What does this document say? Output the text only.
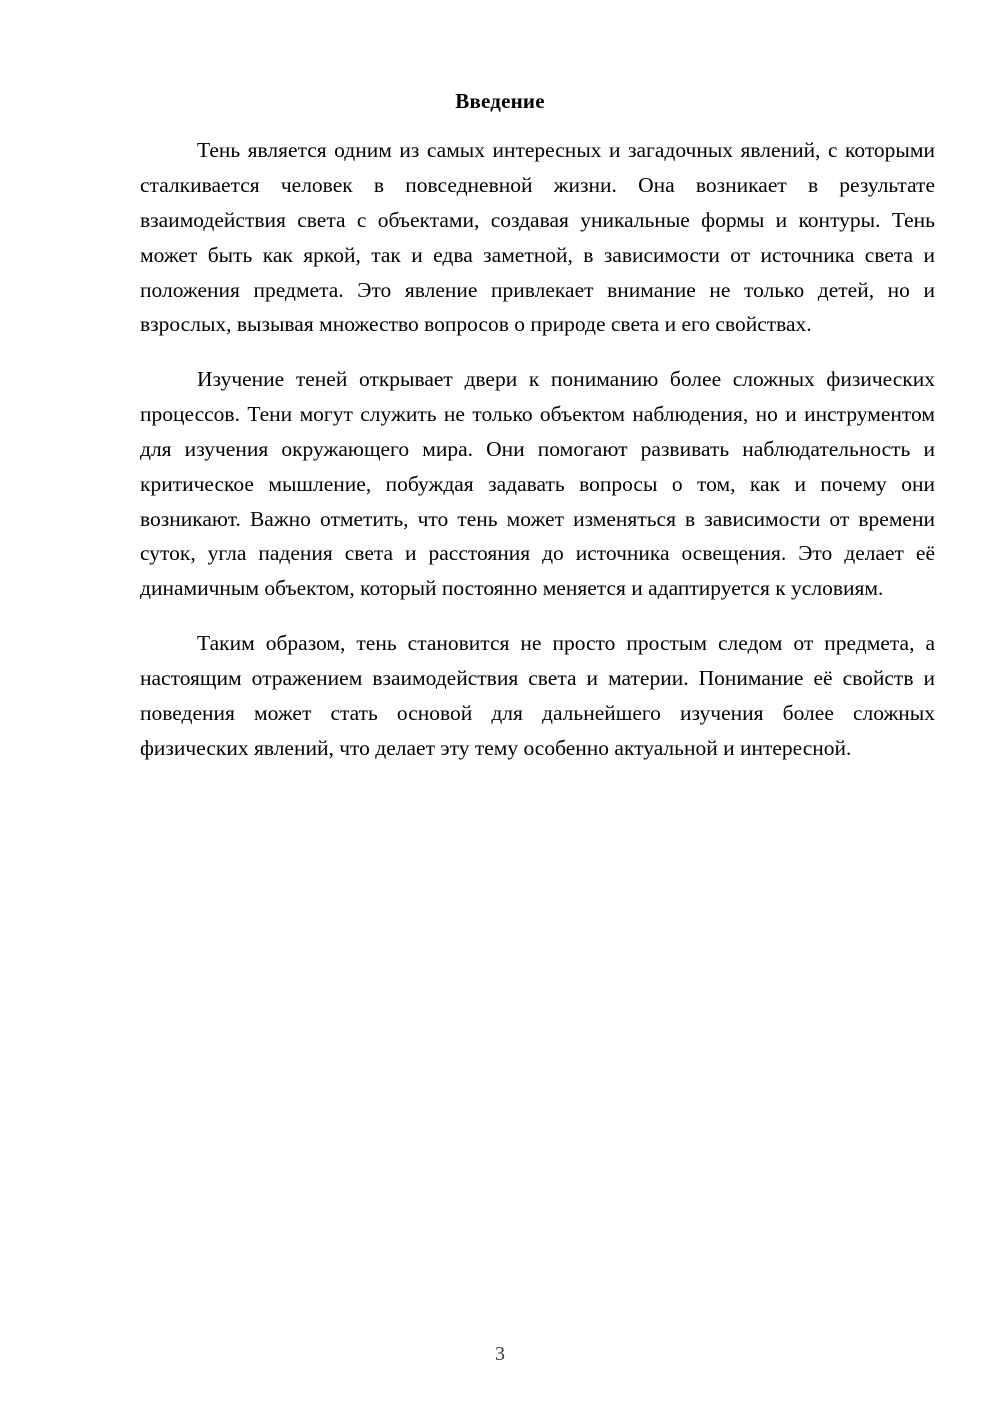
Введение

Тень является одним из самых интересных и загадочных явлений, с которыми сталкивается человек в повседневной жизни. Она возникает в результате взаимодействия света с объектами, создавая уникальные формы и контуры. Тень может быть как яркой, так и едва заметной, в зависимости от источника света и положения предмета. Это явление привлекает внимание не только детей, но и взрослых, вызывая множество вопросов о природе света и его свойствах.

Изучение теней открывает двери к пониманию более сложных физических процессов. Тени могут служить не только объектом наблюдения, но и инструментом для изучения окружающего мира. Они помогают развивать наблюдательность и критическое мышление, побуждая задавать вопросы о том, как и почему они возникают. Важно отметить, что тень может изменяться в зависимости от времени суток, угла падения света и расстояния до источника освещения. Это делает её динамичным объектом, который постоянно меняется и адаптируется к условиям.

Таким образом, тень становится не просто простым следом от предмета, а настоящим отражением взаимодействия света и материи. Понимание её свойств и поведения может стать основой для дальнейшего изучения более сложных физических явлений, что делает эту тему особенно актуальной и интересной.

3
